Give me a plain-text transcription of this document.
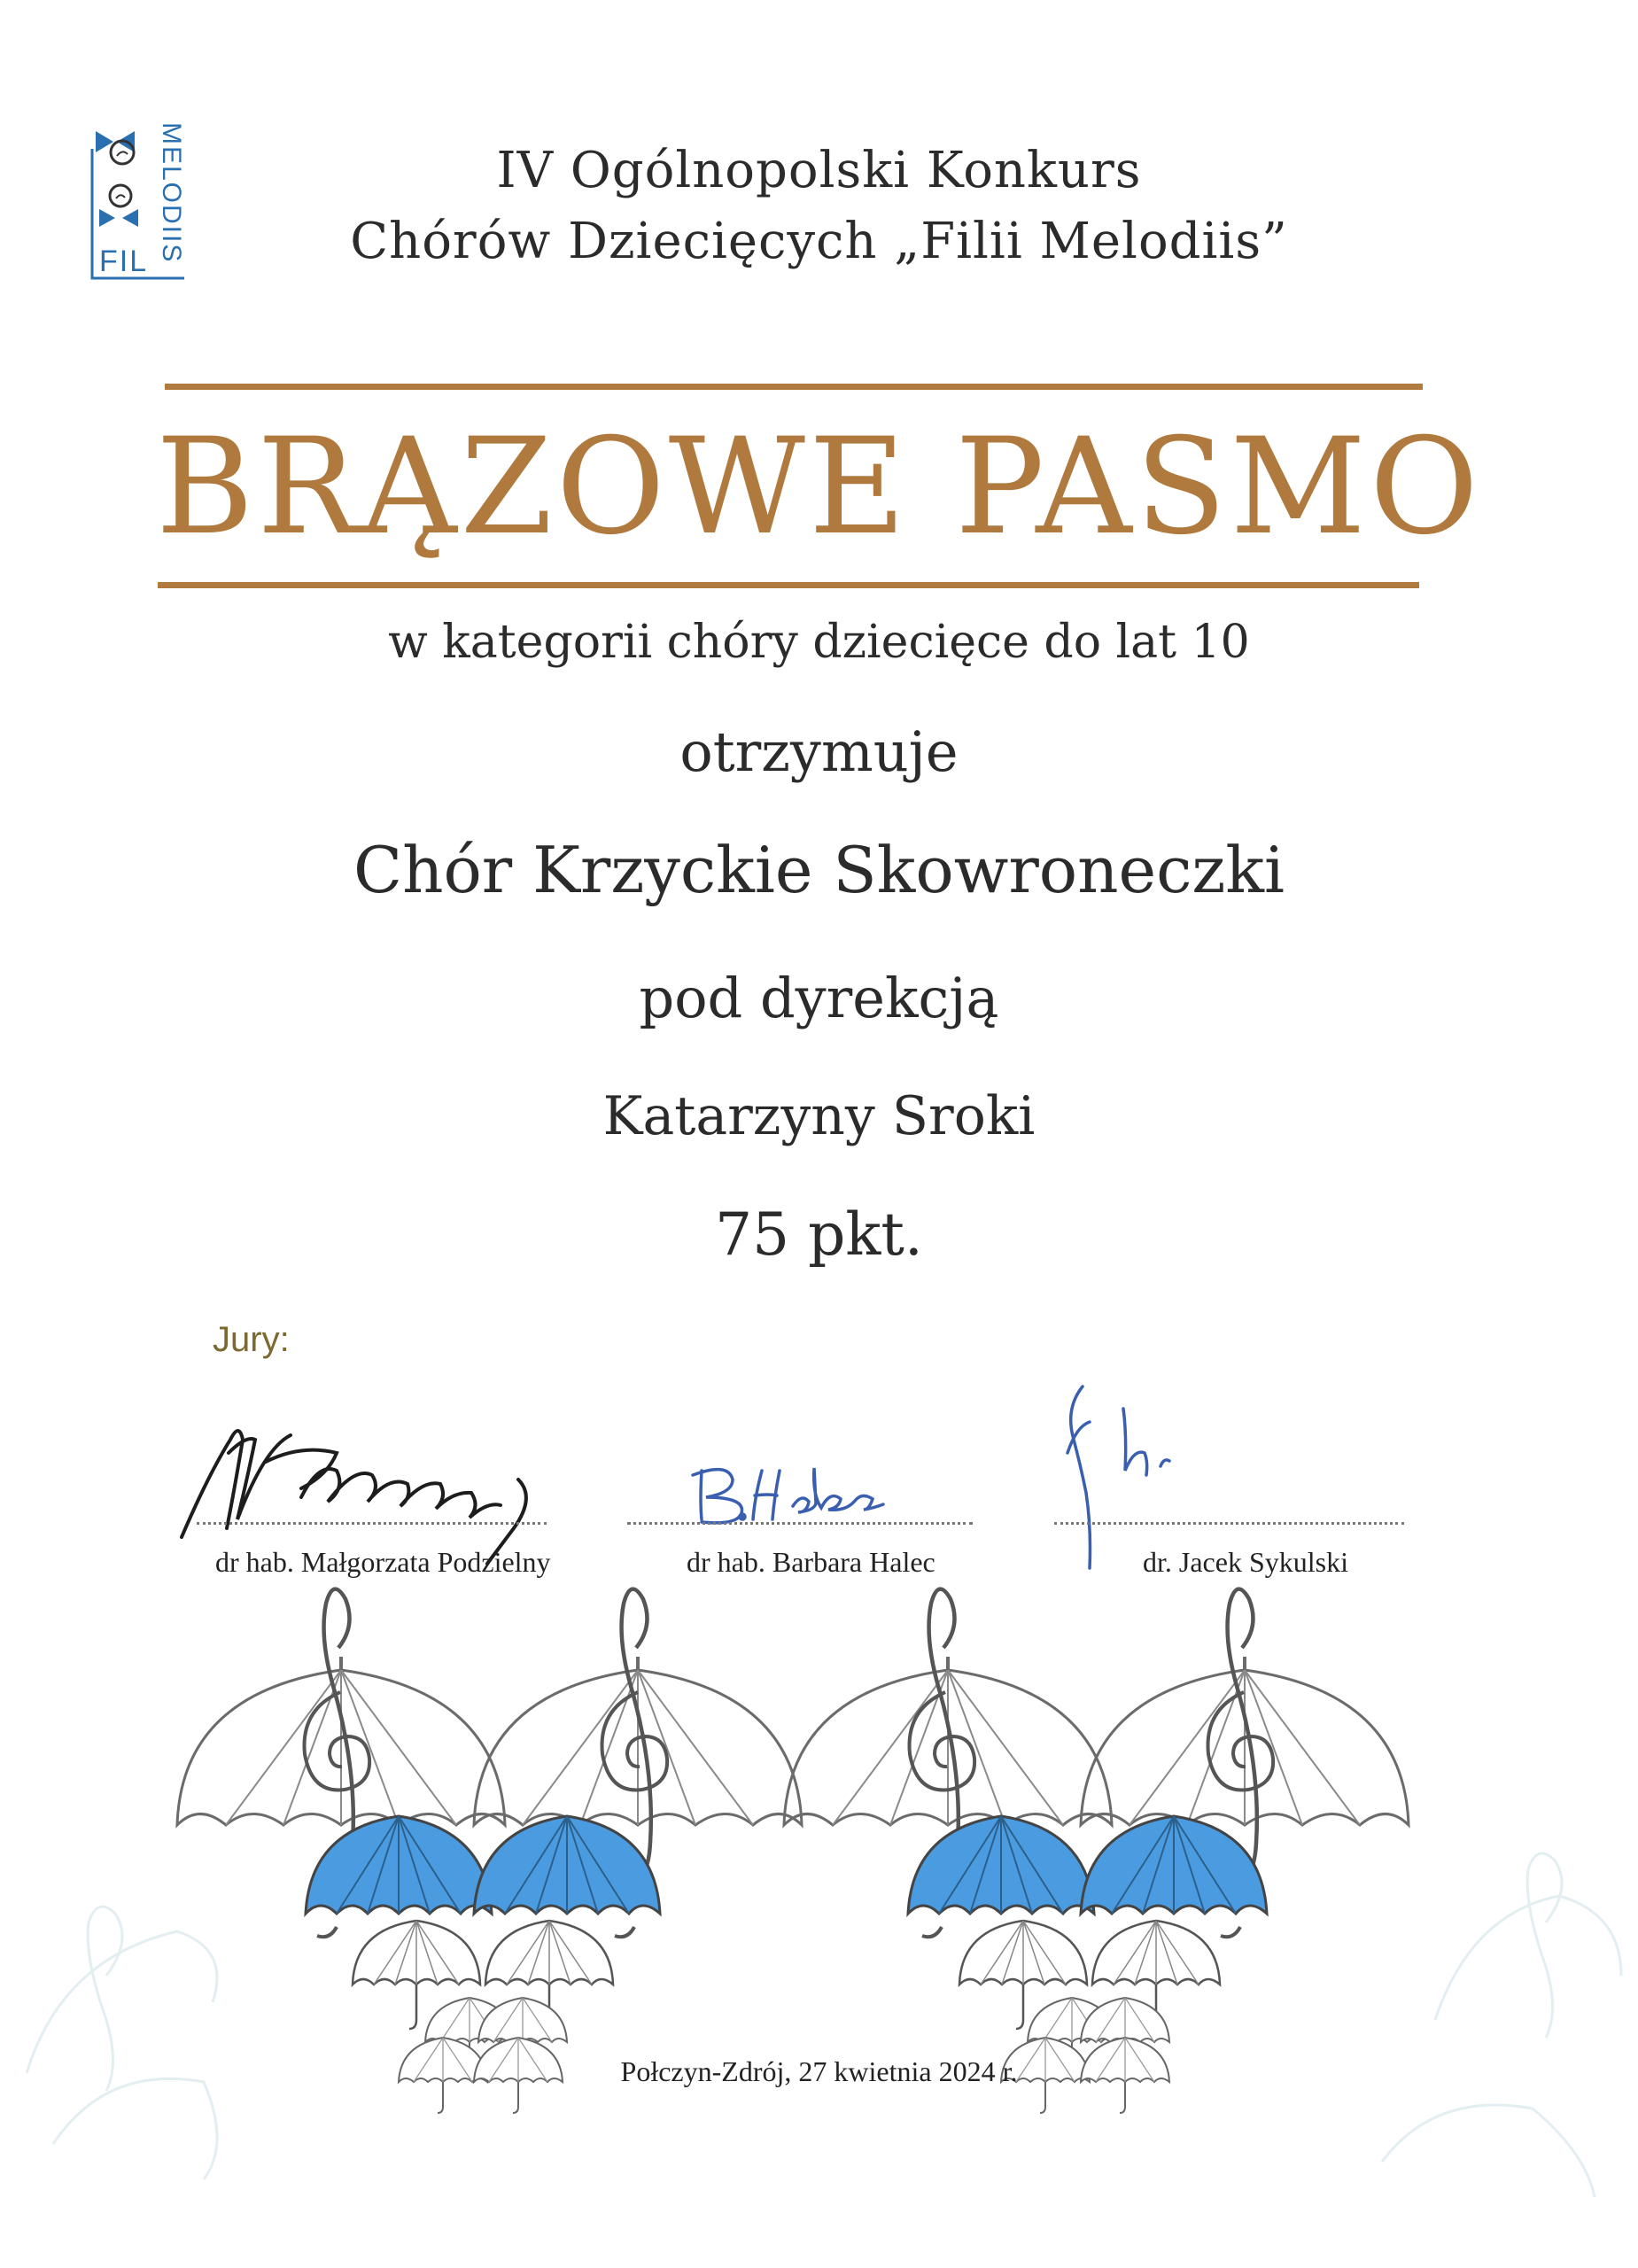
FIL MELODIIS	IV Ogólnopolski Konkurs
Chórów Dziecięcych „Filii Melodiis”
BRĄZOWE PASMO
w kategorii chóry dziecięce do lat 10
otrzymuje
Chór Krzyckie Skowroneczki
pod dyrekcją
Katarzyny Sroki
75 pkt.
Jury:
dr hab. Małgorzata Podzielny	dr hab. Barbara Halec	dr. Jacek Sykulski
Połczyn-Zdrój, 27 kwietnia 2024 r.
